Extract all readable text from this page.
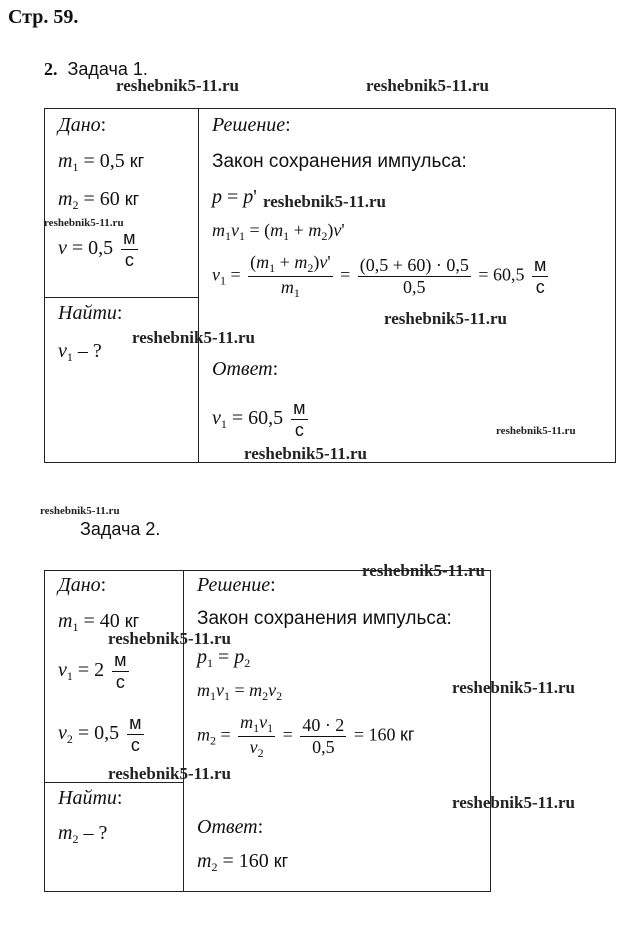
Стр. 59.
2. Задача 1.
Дано:
$m_1 = 0,5$ кг
$m_2 = 60$ кг
$v = 0,5 \frac{м}{с}$
Найти:
$v_1$ – ?
Решение:
Закон сохранения импульса:
p = p'
$m_1v_1 = (m_1 + m_2)v'$
$v_1 = \frac{(m_1 + m_2)v'}{m_1} = \frac{(0,5 + 60) \cdot 0,5}{0,5} = 60,5 \frac{м}{с}$
Ответ:
$v_1 = 60,5 \frac{м}{с}$
Задача 2.
Дано:
$m_1 = 40$ кг
$v_1 = 2 \frac{м}{с}$
$v_2 = 0,5 \frac{м}{с}$
Найти:
$m_2$ – ?
Решение:
Закон сохранения импульса:
$p_1 = p_2$
$m_1v_1 = m_2v_2$
$m_2 = \frac{m_1v_1}{v_2} = \frac{40 \cdot 2}{0,5} = 160$ кг
Ответ:
$m_2 = 160$ кг
reshebnik5-11.ru	reshebnik5-11.ru
reshebnik5-11.ru
reshebnik5-11.ru
reshebnik5-11.ru
reshebnik5-11.ru
reshebnik5-11.ru
reshebnik5-11.ru
reshebnik5-11.ru
reshebnik5-11.ru
reshebnik5-11.ru
reshebnik5-11.ru
reshebnik5-11.ru
reshebnik5-11.ru
